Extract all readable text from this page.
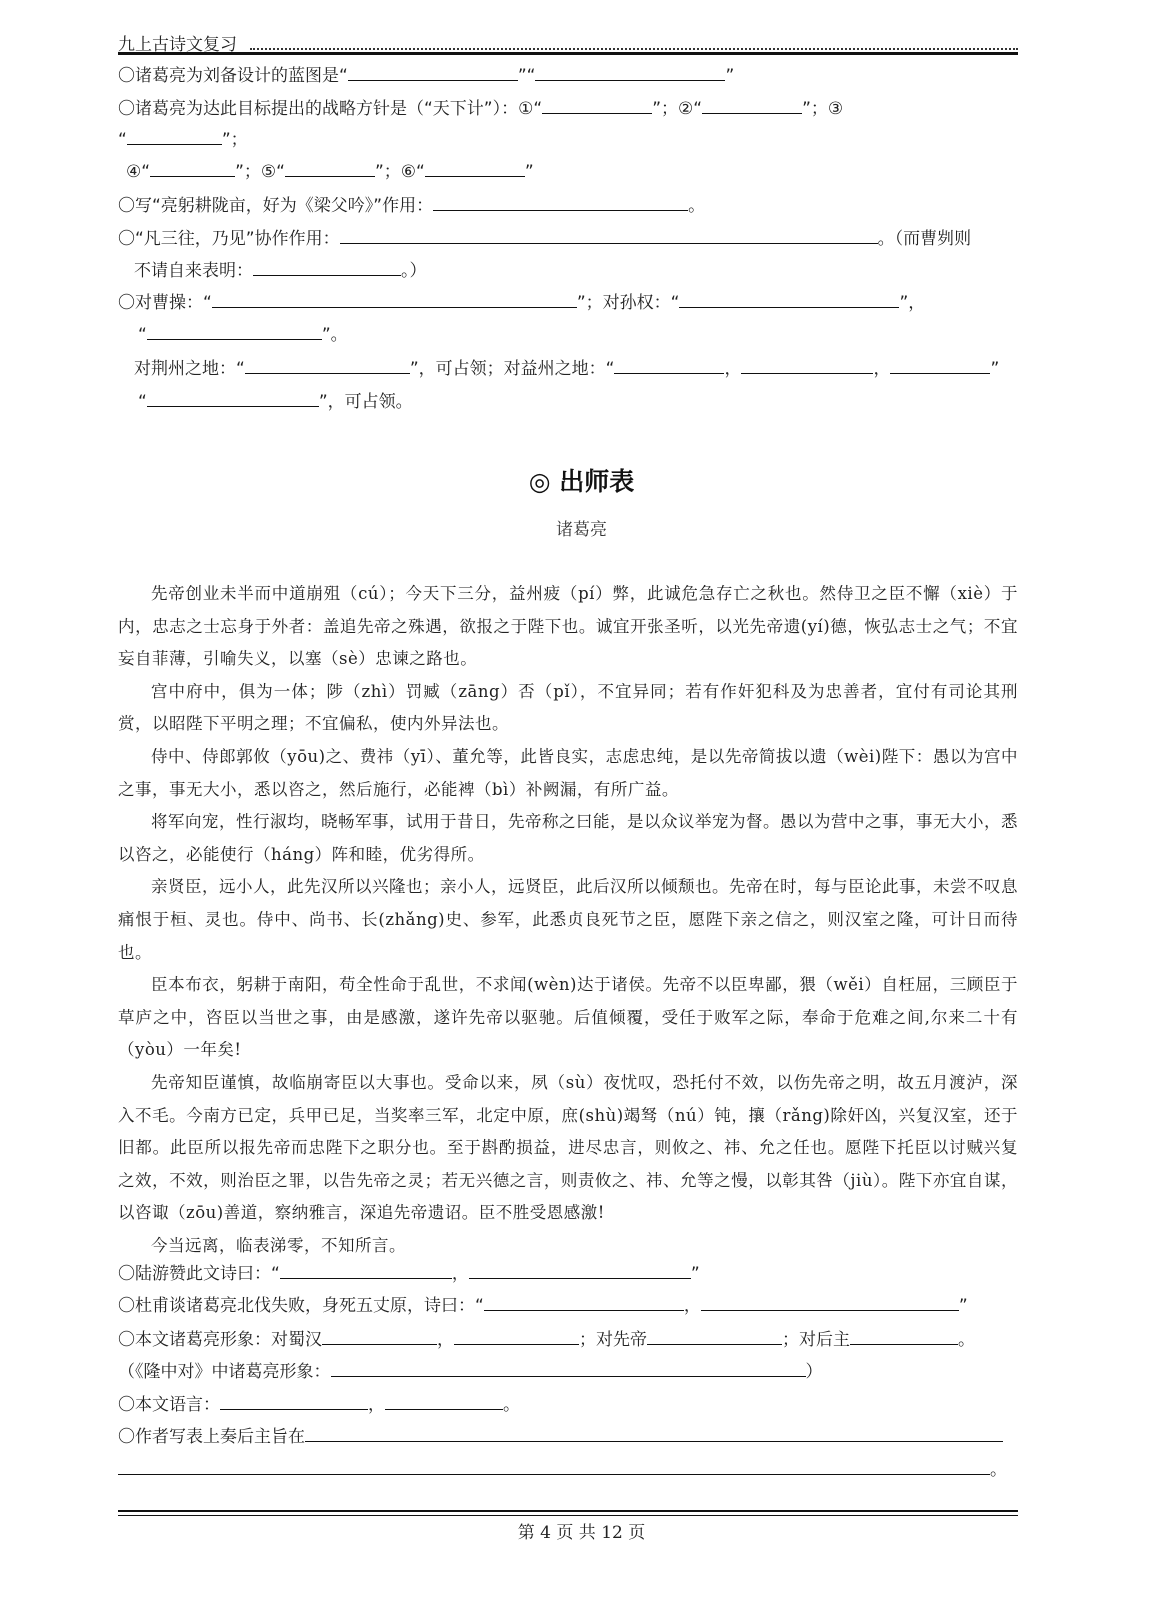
九上古诗文复习
〇诸葛亮为刘备设计的蓝图是“	”“	”
〇诸葛亮为达此目标提出的战略方针是（“天下计”）：①“	”；②“	”；③
“	”；
④“	”；⑤“	”；⑥“	”
〇写“亮躬耕陇亩，好为《梁父吟》”作用：	。
〇“凡三往，乃见”协作作用：	。（而曹刿则
不请自来表明：	。）
〇对曹操：“	”；对孙权：“	”，
“	”。
对荆州之地：“	”，可占领；对益州之地：“	，	，	”
“	”，可占领。
◎ 出师表
诸葛亮

先帝创业未半而中道崩殂（cú）；今天下三分，益州疲（pí）弊，此诚危急存亡之秋也。然侍卫之臣不懈（xiè）于内，忠志之士忘身于外者：盖追先帝之殊遇，欲报之于陛下也。诚宜开张圣听，以光先帝遗(yí)德，恢弘志士之气；不宜妄自菲薄，引喻失义，以塞（sè）忠谏之路也。

宫中府中，俱为一体；陟（zhì）罚臧（zāng）否（pǐ），不宜异同；若有作奸犯科及为忠善者，宜付有司论其刑赏，以昭陛下平明之理；不宜偏私，使内外异法也。

侍中、侍郎郭攸（yōu)之、费祎（yī）、董允等，此皆良实，志虑忠纯，是以先帝简拔以遗（wèi)陛下：愚以为宫中之事，事无大小，悉以咨之，然后施行，必能裨（bì）补阙漏，有所广益。

将军向宠，性行淑均，晓畅军事，试用于昔日，先帝称之曰能，是以众议举宠为督。愚以为营中之事，事无大小，悉以咨之，必能使行（háng）阵和睦，优劣得所。

亲贤臣，远小人，此先汉所以兴隆也；亲小人，远贤臣，此后汉所以倾颓也。先帝在时，每与臣论此事，未尝不叹息痛恨于桓、灵也。侍中、尚书、长(zhǎng)史、参军，此悉贞良死节之臣，愿陛下亲之信之，则汉室之隆，可计日而待也。

臣本布衣，躬耕于南阳，苟全性命于乱世，不求闻(wèn)达于诸侯。先帝不以臣卑鄙，猥（wěi）自枉屈，三顾臣于草庐之中，咨臣以当世之事，由是感激，遂许先帝以驱驰。后值倾覆，受任于败军之际，奉命于危难之间,尔来二十有（yòu）一年矣!

先帝知臣谨慎，故临崩寄臣以大事也。受命以来，夙（sù）夜忧叹，恐托付不效，以伤先帝之明，故五月渡泸，深入不毛。今南方已定，兵甲已足，当奖率三军，北定中原，庶(shù)竭驽（nú）钝，攘（rǎng)除奸凶，兴复汉室，还于旧都。此臣所以报先帝而忠陛下之职分也。至于斟酌损益，进尽忠言，则攸之、祎、允之任也。愿陛下托臣以讨贼兴复之效，不效，则治臣之罪，以告先帝之灵；若无兴德之言，则责攸之、祎、允等之慢，以彰其咎（jiù）。陛下亦宜自谋，以咨诹（zōu)善道，察纳雅言，深追先帝遗诏。臣不胜受恩感激!

今当远离，临表涕零，不知所言。

〇陆游赞此文诗曰：“	，	”
〇杜甫谈诸葛亮北伐失败，身死五丈原，诗曰：“	，	”
〇本文诸葛亮形象：对蜀汉	，	；对先帝	；对后主	。
（《隆中对》中诸葛亮形象：	）
〇本文语言：	，	。
〇作者写表上奏后主旨在
。
第 4 页 共 12 页
